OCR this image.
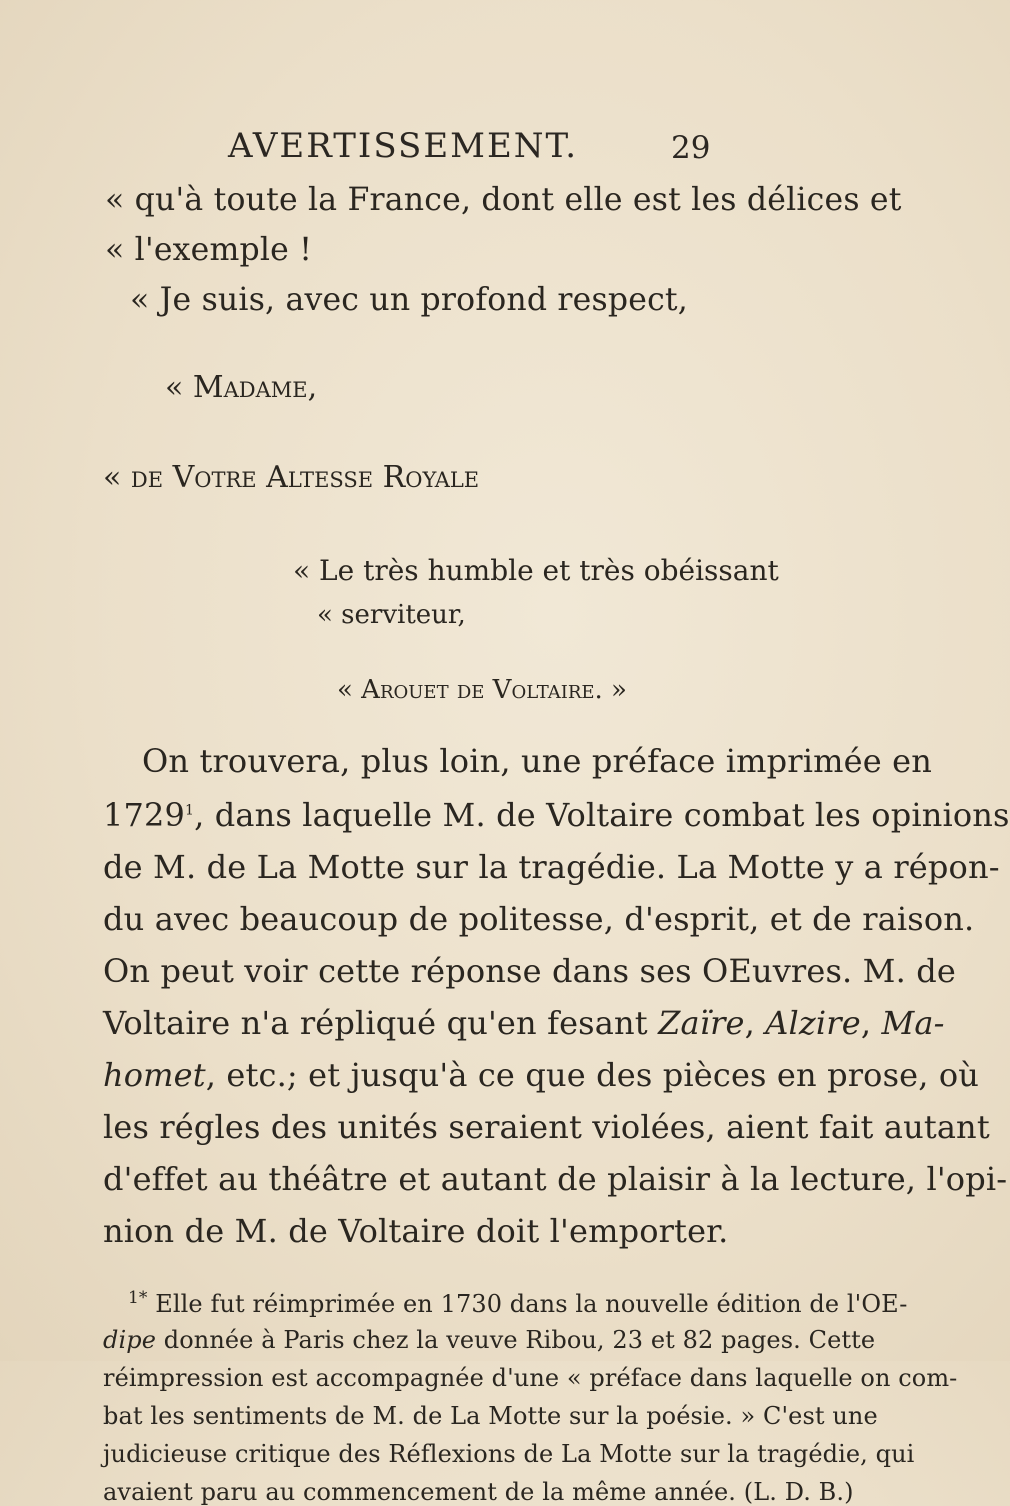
AVERTISSEMENT.	29
« qu'à toute la France, dont elle est les délices et
« l'exemple !
« Je suis, avec un profond respect,
« Madame,
« de Votre Altesse Royale
« Le très humble et très obéissant
« serviteur,
« Arouet de Voltaire. »
On trouvera, plus loin, une préface imprimée en
1729$^1$, dans laquelle M. de Voltaire combat les opinions
de M. de La Motte sur la tragédie. La Motte y a répon-
du avec beaucoup de politesse, d'esprit, et de raison.
On peut voir cette réponse dans ses OEuvres. M. de
Voltaire n'a répliqué qu'en fesant Zaïre, Alzire, Ma-
homet, etc.; et jusqu'à ce que des pièces en prose, où
les régles des unités seraient violées, aient fait autant
d'effet au théâtre et autant de plaisir à la lecture, l'opi-
nion de M. de Voltaire doit l'emporter.
$^{1*}$ Elle fut réimprimée en 1730 dans la nouvelle édition de l'OE-
dipe donnée à Paris chez la veuve Ribou, 23 et 82 pages. Cette
réimpression est accompagnée d'une « préface dans laquelle on com-
bat les sentiments de M. de La Motte sur la poésie. » C'est une
judicieuse critique des Réflexions de La Motte sur la tragédie, qui
avaient paru au commencement de la même année. (L. D. B.)
